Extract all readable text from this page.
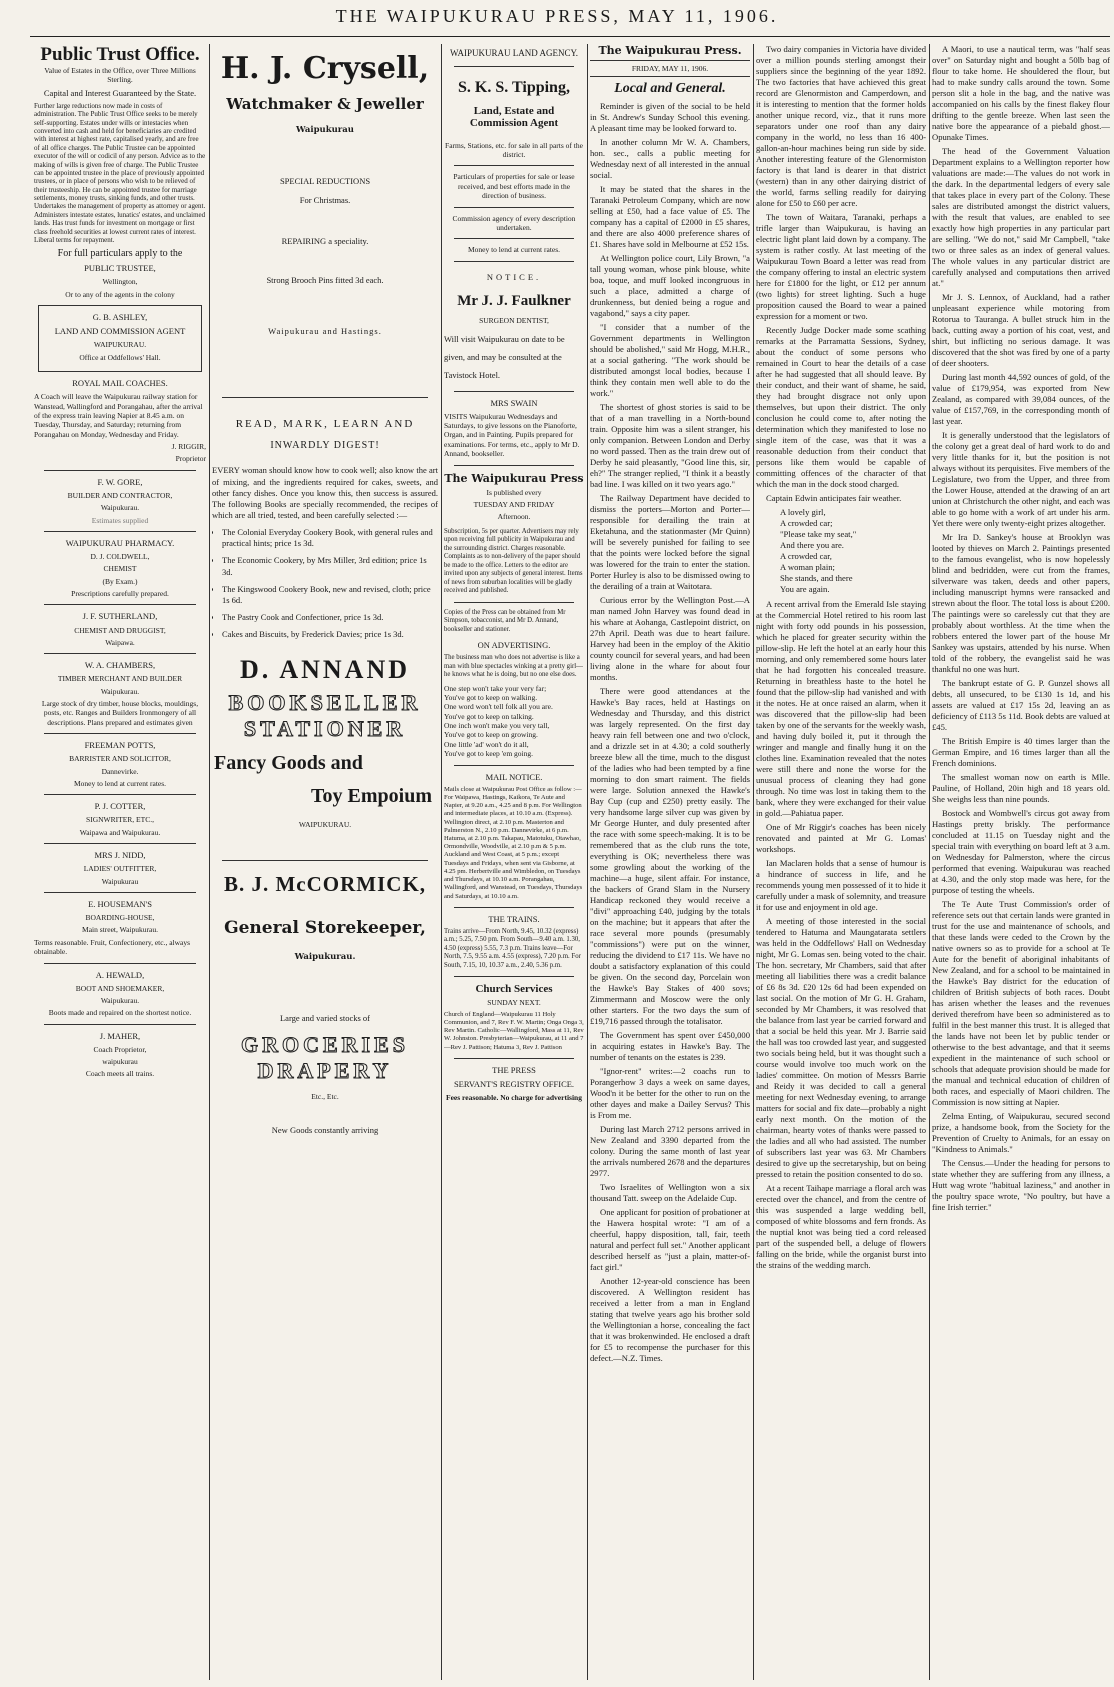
THE WAIPUKURAU PRESS, MAY 11, 1906.
Public Trust Office.

Value of Estates in the Office, over Three Millions Sterling.

Capital and Interest Guaranteed by the State.

Further large reductions now made in costs of administration. The Public Trust Office seeks to be merely self-supporting. Estates under wills or intestacies when converted into cash and held for beneficiaries are credited with interest at highest rate, capitalised yearly, and are free of all office charges. The Public Trustee can be appointed executor of the will or codicil of any person. Advice as to the making of wills is given free of charge. The Public Trustee can be appointed trustee in the place of previously appointed trustees, or in place of persons who wish to be relieved of their trusteeship. He can be appointed trustee for marriage settlements, money trusts, sinking funds, and other trusts. Undertakes the management of property as attorney or agent. Administers intestate estates, lunatics' estates, and unclaimed lands. Has trust funds for investment on mortgage or first class freehold securities at lowest current rates of interest. Liberal terms for repayment.

For full particulars apply to the

PUBLIC TRUSTEE,

Wellington,

Or to any of the agents in the colony

G. B. ASHLEY,

LAND AND COMMISSION AGENT

WAIPUKURAU.

Office at Oddfellows' Hall.

ROYAL MAIL COACHES.

A Coach will leave the Waipukurau railway station for Wanstead, Wallingford and Porangahau, after the arrival of the express train leaving Napier at 8.45 a.m. on Tuesday, Thursday, and Saturday; returning from Porangahau on Monday, Wednesday and Friday.

J. RIGGIR,

Proprietor

F. W. GORE,

BUILDER AND CONTRACTOR,

Waipukurau.

Estimates supplied

WAIPUKURAU PHARMACY.

D. J. COLDWELL,

CHEMIST

(By Exam.)

Prescriptions carefully prepared.

J. F. SUTHERLAND,

CHEMIST AND DRUGGIST,

Waipawa.

W. A. CHAMBERS,

TIMBER MERCHANT AND BUILDER

Waipukurau.

Large stock of dry timber, house blocks, mouldings, posts, etc. Ranges and Builders Ironmongery of all descriptions. Plans prepared and estimates given

FREEMAN POTTS,

BARRISTER AND SOLICITOR,

Dannevirke.

Money to lend at current rates.

P. J. COTTER,

SIGNWRITER, ETC.,

Waipawa and Waipukurau.

MRS J. NIDD,

LADIES' OUTFITTER,

Waipukurau

E. HOUSEMAN'S

BOARDING-HOUSE,

Main street, Waipukurau.

Terms reasonable. Fruit, Confectionery, etc., always obtainable.

A. HEWALD,

BOOT AND SHOEMAKER,

Waipukurau.

Boots made and repaired on the shortest notice.

J. MAHER,

Coach Proprietor,

waipukurau

Coach meets all trains.

H. J. Crysell,
Watchmaker & Jeweller

Waipukurau

SPECIAL REDUCTIONS

For Christmas.

REPAIRING a speciality.

Strong Brooch Pins fitted 3d each.

Waipukurau and Hastings.

READ, MARK, LEARN AND

INWARDLY DIGEST!

EVERY woman should know how to cook well; also know the art of mixing, and the ingredients required for cakes, sweets, and other fancy dishes. Once you know this, then success is assured. The following Books are specially recommended, the recipes of which are all tried, tested, and been carefully selected :—

• The Colonial Everyday Cookery Book, with general rules and practical hints; price 1s 3d.
• The Economic Cookery, by Mrs Miller, 3rd edition; price 1s 3d.
• The Kingswood Cookery Book, new and revised, cloth; price 1s 6d.
• The Pastry Cook and Confectioner, price 1s 3d.
• Cakes and Biscuits, by Frederick Davies; price 1s 3d.
D. ANNAND
BOOKSELLER
STATIONER
Fancy Goods and
Toy Empoium

WAIPUKURAU.

B. J. McCORMICK,
General Storekeeper,

Waipukurau.

Large and varied stocks of

GROCERIES
DRAPERY

Etc., Etc.

New Goods constantly arriving

WAIPUKURAU LAND AGENCY.

S. K. S. Tipping,
Land, Estate and Commission Agent

Farms, Stations, etc. for sale in all parts of the district.

Particulars of properties for sale or lease received, and best efforts made in the direction of business.

Commission agency of every description undertaken.

Money to lend at current rates.

NOTICE.

Mr J. J. Faulkner

SURGEON DENTIST,

Will visit Waipukurau on date to be given, and may be consulted at the Tavistock Hotel.

MRS SWAIN

VISITS Waipukurau Wednesdays and Saturdays, to give lessons on the Pianoforte, Organ, and in Painting. Pupils prepared for examinations. For terms, etc., apply to Mr D. Annand, bookseller.

The Waipukurau Press

Is published every

TUESDAY AND FRIDAY

Afternoon.

Subscription, 5s per quarter. Advertisers may rely upon receiving full publicity in Waipukurau and the surrounding district. Charges reasonable. Complaints as to non-delivery of the paper should be made to the office. Letters to the editor are invited upon any subjects of general interest. Items of news from suburban localities will be gladly received and published.

Copies of the Press can be obtained from Mr Simpson, tobacconist, and Mr D. Annand, bookseller and stationer.

ON ADVERTISING.

The business man who does not advertise is like a man with blue spectacles winking at a pretty girl—he knows what he is doing, but no one else does.

One step won't take your very far;
You've got to keep on walking.
One word won't tell folk all you are.
You've got to keep on talking.
One inch won't make you very tall,
You've got to keep on growing.
One little 'ad' won't do it all,
You've got to keep 'em going.

MAIL NOTICE.

Mails close at Waipukurau Post Office as follow :— For Waipawa, Hastings, Kaikora, Te Aute and Napier, at 9.20 a.m., 4.25 and 8 p.m. For Wellington and intermediate places, at 10.10 a.m. (Express). Wellington direct, at 2.10 p.m. Masterton and Palmerston N., 2.10 p.m. Dannevirke, at 6 p.m. Hatuma, at 2.10 p.m. Takapau, Matotuku, Otawhao, Ormondville, Woodville, at 2.10 p.m & 5 p.m. Auckland and West Coast, at 5 p.m.; except Tuesdays and Fridays, when sent via Gisborne, at 4.25 pm. Herbertville and Wimbledon, on Tuesdays and Thursdays, at 10.10 a.m. Porangahau, Wallingford, and Wanstead, on Tuesdays, Thursdays and Saturdays, at 10.10 a.m.

THE TRAINS.

Trains arrive—From North, 9.45, 10.32 (express) a.m.; 5.25, 7.50 pm. From South—9.40 a.m. 1.30, 4.50 (express) 5.55, 7.3 p.m. Trains leave—For North, 7.5, 9.55 a.m. 4.55 (express), 7.20 p.m. For South, 7.15, 10, 10.37 a.m., 2.40, 5.36 p.m.

Church Services

SUNDAY NEXT.

Church of England—Waipukurau 11 Holy Communion, and 7, Rev F. W. Martin; Onga Onga 3, Rev Martin. Catholic—Wallingford, Mass at 11, Rev W. Johnston. Presbyterian—Waipukurau, at 11 and 7—Rev J. Pattison; Hatuma 3, Rev J. Pattison

THE PRESS

SERVANT'S REGISTRY OFFICE.

Fees reasonable. No charge for advertising

The Waipukurau Press.

FRIDAY, MAY 11, 1906.

Local and General.

Reminder is given of the social to be held in St. Andrew's Sunday School this evening. A pleasant time may be looked forward to.

In another column Mr W. A. Chambers, hon. sec., calls a public meeting for Wednesday next of all interested in the annual social.

It may be stated that the shares in the Taranaki Petroleum Company, which are now selling at £50, had a face value of £5. The company has a capital of £2000 in £5 shares, and there are also 4000 preference shares of £1. Shares have sold in Melbourne at £52 15s.

At Wellington police court, Lily Brown, "a tall young woman, whose pink blouse, white boa, toque, and muff looked incongruous in such a place, admitted a charge of drunkenness, but denied being a rogue and vagabond," says a city paper.

"I consider that a number of the Government departments in Wellington should be abolished," said Mr Hogg, M.H.R., at a social gathering. "The work should be distributed amongst local bodies, because I think they contain men well able to do the work."

The shortest of ghost stories is said to be that of a man travelling in a North-bound train. Opposite him was a silent stranger, his only companion. Between London and Derby no word passed. Then as the train drew out of Derby he said pleasantly, "Good line this, sir, eh?" The stranger replied, "I think it a beastly bad line. I was killed on it two years ago."

The Railway Department have decided to dismiss the porters—Morton and Porter—responsible for derailing the train at Eketahuna, and the stationmaster (Mr Quinn) will be severely punished for failing to see that the points were locked before the signal was lowered for the train to enter the station. Porter Hurley is also to be dismissed owing to the derailing of a train at Waitotara.

Curious error by the Wellington Post.—A man named John Harvey was found dead in his whare at Aohanga, Castlepoint district, on 27th April. Death was due to heart failure. Harvey had been in the employ of the Akitio county council for several years, and had been living alone in the whare for about four months.

There were good attendances at the Hawke's Bay races, held at Hastings on Wednesday and Thursday, and this district was largely represented. On the first day heavy rain fell between one and two o'clock, and a drizzle set in at 4.30; a cold southerly breeze blew all the time, much to the disgust of the ladies who had been tempted by a fine morning to don smart raiment. The fields were large. Solution annexed the Hawke's Bay Cup (cup and £250) pretty easily. The very handsome large silver cup was given by Mr George Hunter, and duly presented after the race with some speech-making. It is to be remembered that as the club runs the tote, everything is OK; nevertheless there was some growling about the working of the machine—a huge, silent affair. For instance, the backers of Grand Slam in the Nursery Handicap reckoned they would receive a "divi" approaching £40, judging by the totals on the machine; but it appears that after the race several more pounds (presumably "commissions") were put on the winner, reducing the dividend to £17 11s. We have no doubt a satisfactory explanation of this could be given. On the second day, Porcelain won the Hawke's Bay Stakes of 400 sovs; Zimmermann and Moscow were the only other starters. For the two days the sum of £19,716 passed through the totalisator.

The Government has spent over £450,000 in acquiring estates in Hawke's Bay. The number of tenants on the estates is 239.

"Ignor-rent" writes:—2 coachs run to Porangerhow 3 days a week on same dayes, Wood'n it be better for the other to run on the other dayes and make a Dailey Servus? This is From me.

During last March 2712 persons arrived in New Zealand and 3390 departed from the colony. During the same month of last year the arrivals numbered 2678 and the departures 2977.

Two Israelites of Wellington won a six thousand Tatt. sweep on the Adelaide Cup.

One applicant for position of probationer at the Hawera hospital wrote: "I am of a cheerful, happy disposition, tall, fair, teeth natural and perfect full set." Another applicant described herself as "just a plain, matter-of-fact girl."

Another 12-year-old conscience has been discovered. A Wellington resident has received a letter from a man in England stating that twelve years ago his brother sold the Wellingtonian a horse, concealing the fact that it was brokenwinded. He enclosed a draft for £5 to recompense the purchaser for this defect.—N.Z. Times.

Two dairy companies in Victoria have divided over a million pounds sterling amongst their suppliers since the beginning of the year 1892. The two factories that have achieved this great record are Glenormiston and Camperdown, and it is interesting to mention that the former holds another unique record, viz., that it runs more separators under one roof than any dairy company in the world, no less than 16 400-gallon-an-hour machines being run side by side. Another interesting feature of the Glenormiston factory is that land is dearer in that district (western) than in any other dairying district of the world, farms selling readily for dairying alone for £50 to £60 per acre.

The town of Waitara, Taranaki, perhaps a trifle larger than Waipukurau, is having an electric light plant laid down by a company. The system is rather costly. At last meeting of the Waipukurau Town Board a letter was read from the company offering to instal an electric system here for £1800 for the light, or £12 per annum (two lights) for street lighting. Such a huge proposition caused the Board to wear a pained expression for a moment or two.

Recently Judge Docker made some scathing remarks at the Parramatta Sessions, Sydney, about the conduct of some persons who remained in Court to hear the details of a case after he had suggested that all should leave. By their conduct, and their want of shame, he said, they had brought disgrace not only upon themselves, but upon their district. The only conclusion he could come to, after noting the determination which they manifested to lose no single item of the case, was that it was a reasonable deduction from their conduct that persons like them would be capable of committing offences of the character of that which the man in the dock stood charged.

Captain Edwin anticipates fair weather.

A lovely girl,
A crowded car;
"Please take my seat,"
And there you are.
A crowded car,
A woman plain;
She stands, and there
You are again.

A recent arrival from the Emerald Isle staying at the Commercial Hotel retired to his room last night with forty odd pounds in his possession, which he placed for greater security within the pillow-slip. He left the hotel at an early hour this morning, and only remembered some hours later that he had forgotten his concealed treasure. Returning in breathless haste to the hotel he found that the pillow-slip had vanished and with it the notes. He at once raised an alarm, when it was discovered that the pillow-slip had been taken by one of the servants for the weekly wash, and having duly boiled it, put it through the wringer and mangle and finally hung it on the clothes line. Examination revealed that the notes were still there and none the worse for the unusual process of cleaning they had gone through. No time was lost in taking them to the bank, where they were exchanged for their value in gold.—Pahiatua paper.

One of Mr Riggir's coaches has been nicely renovated and painted at Mr G. Lomas' workshops.

Ian Maclaren holds that a sense of humour is a hindrance of success in life, and he recommends young men possessed of it to hide it carefully under a mask of solemnity, and treasure it for use and enjoyment in old age.

A meeting of those interested in the social tendered to Hatuma and Maungatarata settlers was held in the Oddfellows' Hall on Wednesday night, Mr G. Lomas sen. being voted to the chair. The hon. secretary, Mr Chambers, said that after meeting all liabilities there was a credit balance of £6 8s 3d. £20 12s 6d had been expended on last social. On the motion of Mr G. H. Graham, seconded by Mr Chambers, it was resolved that the balance from last year be carried forward and that a social be held this year. Mr J. Barrie said the hall was too crowded last year, and suggested two socials being held, but it was thought such a course would involve too much work on the ladies' committee. On motion of Messrs Barrie and Reidy it was decided to call a general meeting for next Wednesday evening, to arrange matters for social and fix date—probably a night early next month. On the motion of the chairman, hearty votes of thanks were passed to the ladies and all who had assisted. The number of subscribers last year was 63. Mr Chambers desired to give up the secretaryship, but on being pressed to retain the position consented to do so.

At a recent Taihape marriage a floral arch was erected over the chancel, and from the centre of this was suspended a large wedding bell, composed of white blossoms and fern fronds. As the nuptial knot was being tied a cord released part of the suspended bell, a deluge of flowers falling on the bride, while the organist burst into the strains of the wedding march.

A Maori, to use a nautical term, was "half seas over" on Saturday night and bought a 50lb bag of flour to take home. He shouldered the flour, but had to make sundry calls around the town. Some person slit a hole in the bag, and the native was accompanied on his calls by the finest flakey flour drifting to the gentle breeze. When last seen the native bore the appearance of a piebald ghost.—Opunake Times.

The head of the Government Valuation Department explains to a Wellington reporter how valuations are made:—The values do not work in the dark. In the departmental ledgers of every sale that takes place in every part of the Colony. These sales are distributed amongst the district valuers, with the result that values, are enabled to see exactly how high properties in any particular part are selling. "We do not," said Mr Campbell, "take two or three sales as an index of general values. The whole values in any particular district are carefully analysed and computations then arrived at."

Mr J. S. Lennox, of Auckland, had a rather unpleasant experience while motoring from Rotorua to Tauranga. A bullet struck him in the back, cutting away a portion of his coat, vest, and shirt, but inflicting no serious damage. It was discovered that the shot was fired by one of a party of deer shooters.

During last month 44,592 ounces of gold, of the value of £179,954, was exported from New Zealand, as compared with 39,084 ounces, of the value of £157,769, in the corresponding month of last year.

It is generally understood that the legislators of the colony get a great deal of hard work to do and very little thanks for it, but the position is not always without its perquisites. Five members of the Legislature, two from the Upper, and three from the Lower House, attended at the drawing of an art union at Christchurch the other night, and each was able to go home with a work of art under his arm. Yet there were only twenty-eight prizes altogether.

Mr Ira D. Sankey's house at Brooklyn was looted by thieves on March 2. Paintings presented to the famous evangelist, who is now hopelessly blind and bedridden, were cut from the frames, silverware was taken, deeds and other papers, including manuscript hymns were ransacked and strewn about the floor. The total loss is about £200. The paintings were so carelessly cut that they are probably about worthless. At the time when the robbers entered the lower part of the house Mr Sankey was upstairs, attended by his nurse. When told of the robbery, the evangelist said he was thankful no one was hurt.

The bankrupt estate of G. P. Gunzel shows all debts, all unsecured, to be £130 1s 1d, and his assets are valued at £17 15s 2d, leaving an as deficiency of £113 5s 11d. Book debts are valued at £45.

The British Empire is 40 times larger than the German Empire, and 16 times larger than all the French dominions.

The smallest woman now on earth is Mlle. Pauline, of Holland, 20in high and 18 years old. She weighs less than nine pounds.

Bostock and Wombwell's circus got away from Hastings pretty briskly. The performance concluded at 11.15 on Tuesday night and the special train with everything on board left at 3 a.m. on Wednesday for Palmerston, where the circus performed that evening. Waipukurau was reached at 4.30, and the only stop made was here, for the purpose of testing the wheels.

The Te Aute Trust Commission's order of reference sets out that certain lands were granted in trust for the use and maintenance of schools, and that these lands were ceded to the Crown by the native owners so as to provide for a school at Te Aute for the benefit of aboriginal inhabitants of New Zealand, and for a school to be maintained in the Hawke's Bay district for the education of children of British subjects of both races. Doubt has arisen whether the leases and the revenues derived therefrom have been so administered as to fulfil in the best manner this trust. It is alleged that the lands have not been let by public tender or otherwise to the best advantage, and that it seems expedient in the maintenance of such school or schools that adequate provision should be made for the manual and technical education of children of both races, and especially of Maori children. The Commission is now sitting at Napier.

Zelma Enting, of Waipukurau, secured second prize, a handsome book, from the Society for the Prevention of Cruelty to Animals, for an essay on "Kindness to Animals."

The Census.—Under the heading for persons to state whether they are suffering from any illness, a Hutt wag wrote "habitual laziness," and another in the poultry space wrote, "No poultry, but have a fine Irish terrier."
